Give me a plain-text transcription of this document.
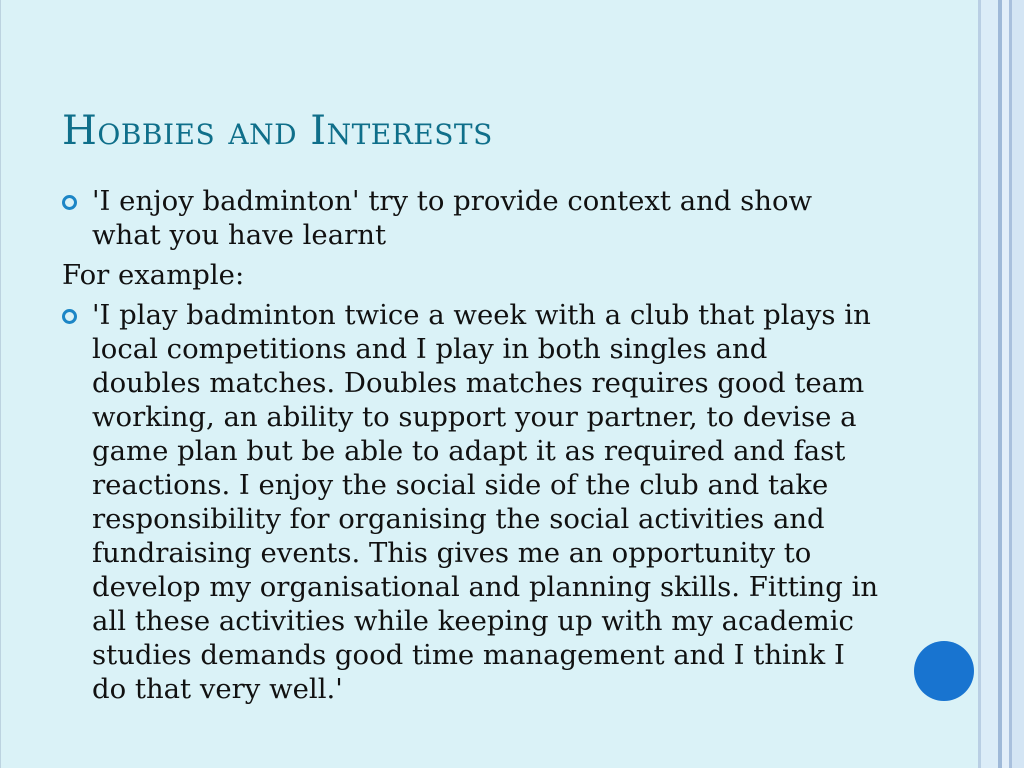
Hobbies and Interests
'I enjoy badminton' try to provide context and show what you have learnt
For example:
'I play badminton twice a week with a club that plays in local competitions and I play in both singles and doubles matches. Doubles matches requires good team working, an ability to support your partner, to devise a game plan but be able to adapt it as required and fast reactions. I enjoy the social side of the club and take responsibility for organising the social activities and fundraising events. This gives me an opportunity to develop my organisational and planning skills. Fitting in all these activities while keeping up with my academic studies demands good time management and I think I do that very well.'
